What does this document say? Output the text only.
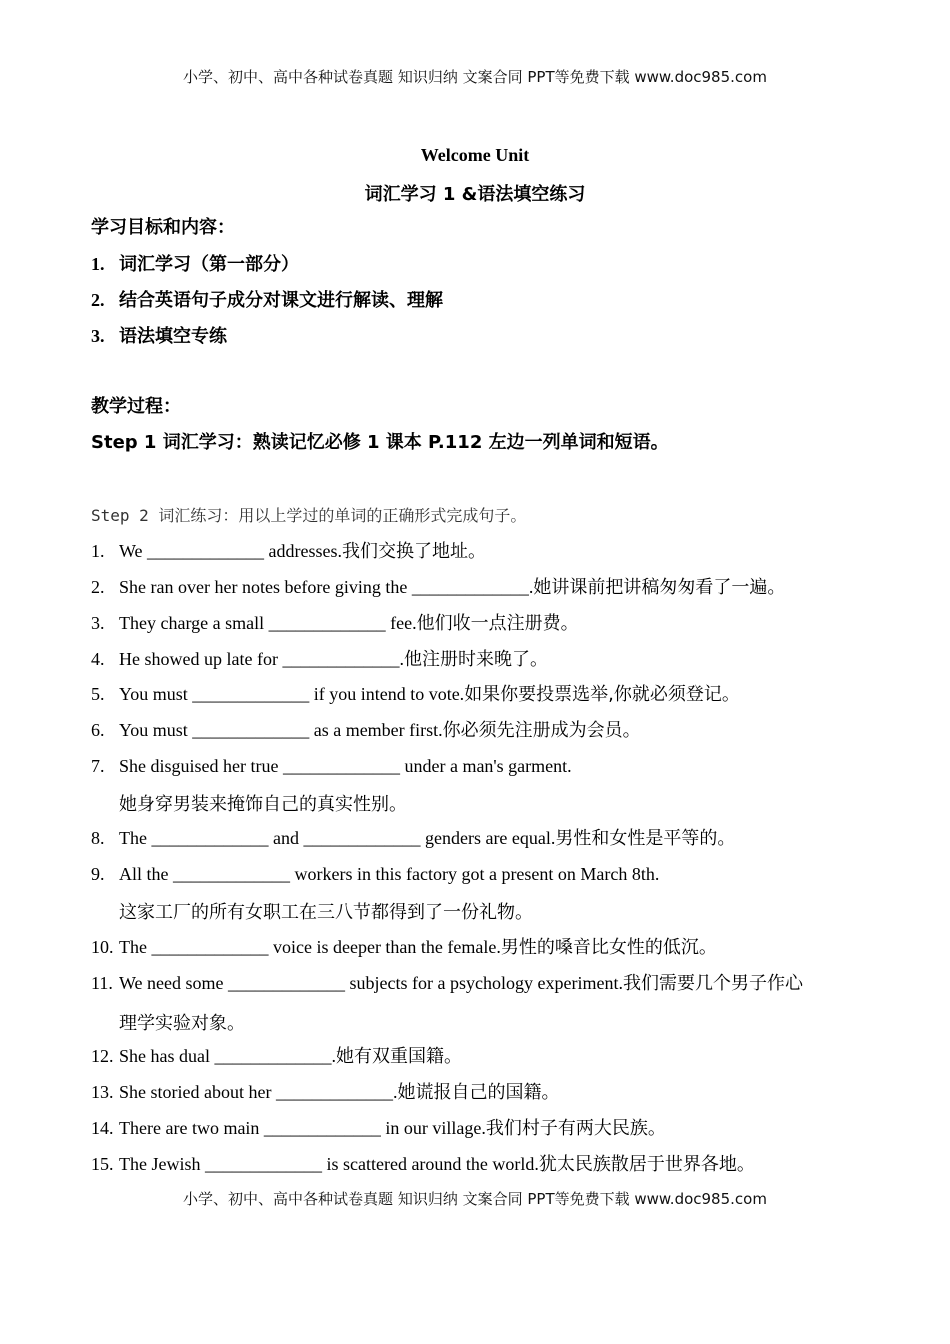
小学、初中、高中各种试卷真题 知识归纳 文案合同 PPT等免费下载 www.doc985.com
Welcome Unit
词汇学习 1 &语法填空练习
学习目标和内容：
1. 词汇学习（第一部分）
2. 结合英语句子成分对课文进行解读、理解
3. 语法填空专练
教学过程：
Step 1 词汇学习：熟读记忆必修 1 课本 P.112 左边一列单词和短语。
Step 2 词汇练习：用以上学过的单词的正确形式完成句子。
1. We _____________ addresses.我们交换了地址。
2. She ran over her notes before giving the _____________.她讲课前把讲稿匆匆看了一遍。
3. They charge a small _____________ fee.他们收一点注册费。
4. He showed up late for _____________.他注册时来晚了。
5. You must _____________ if you intend to vote.如果你要投票选举,你就必须登记。
6. You must _____________ as a member first.你必须先注册成为会员。
7. She disguised her true _____________ under a man's garment.
她身穿男装来掩饰自己的真实性别。
8. The _____________ and _____________ genders are equal.男性和女性是平等的。
9. All the _____________ workers in this factory got a present on March 8th.
这家工厂的所有女职工在三八节都得到了一份礼物。
10. The _____________ voice is deeper than the female.男性的嗓音比女性的低沉。
11. We need some _____________ subjects for a psychology experiment.我们需要几个男子作心
理学实验对象。
12. She has dual _____________.她有双重国籍。
13. She storied about her _____________.她谎报自己的国籍。
14. There are two main _____________ in our village.我们村子有两大民族。
15. The Jewish _____________ is scattered around the world.犹太民族散居于世界各地。
小学、初中、高中各种试卷真题 知识归纳 文案合同 PPT等免费下载 www.doc985.com
